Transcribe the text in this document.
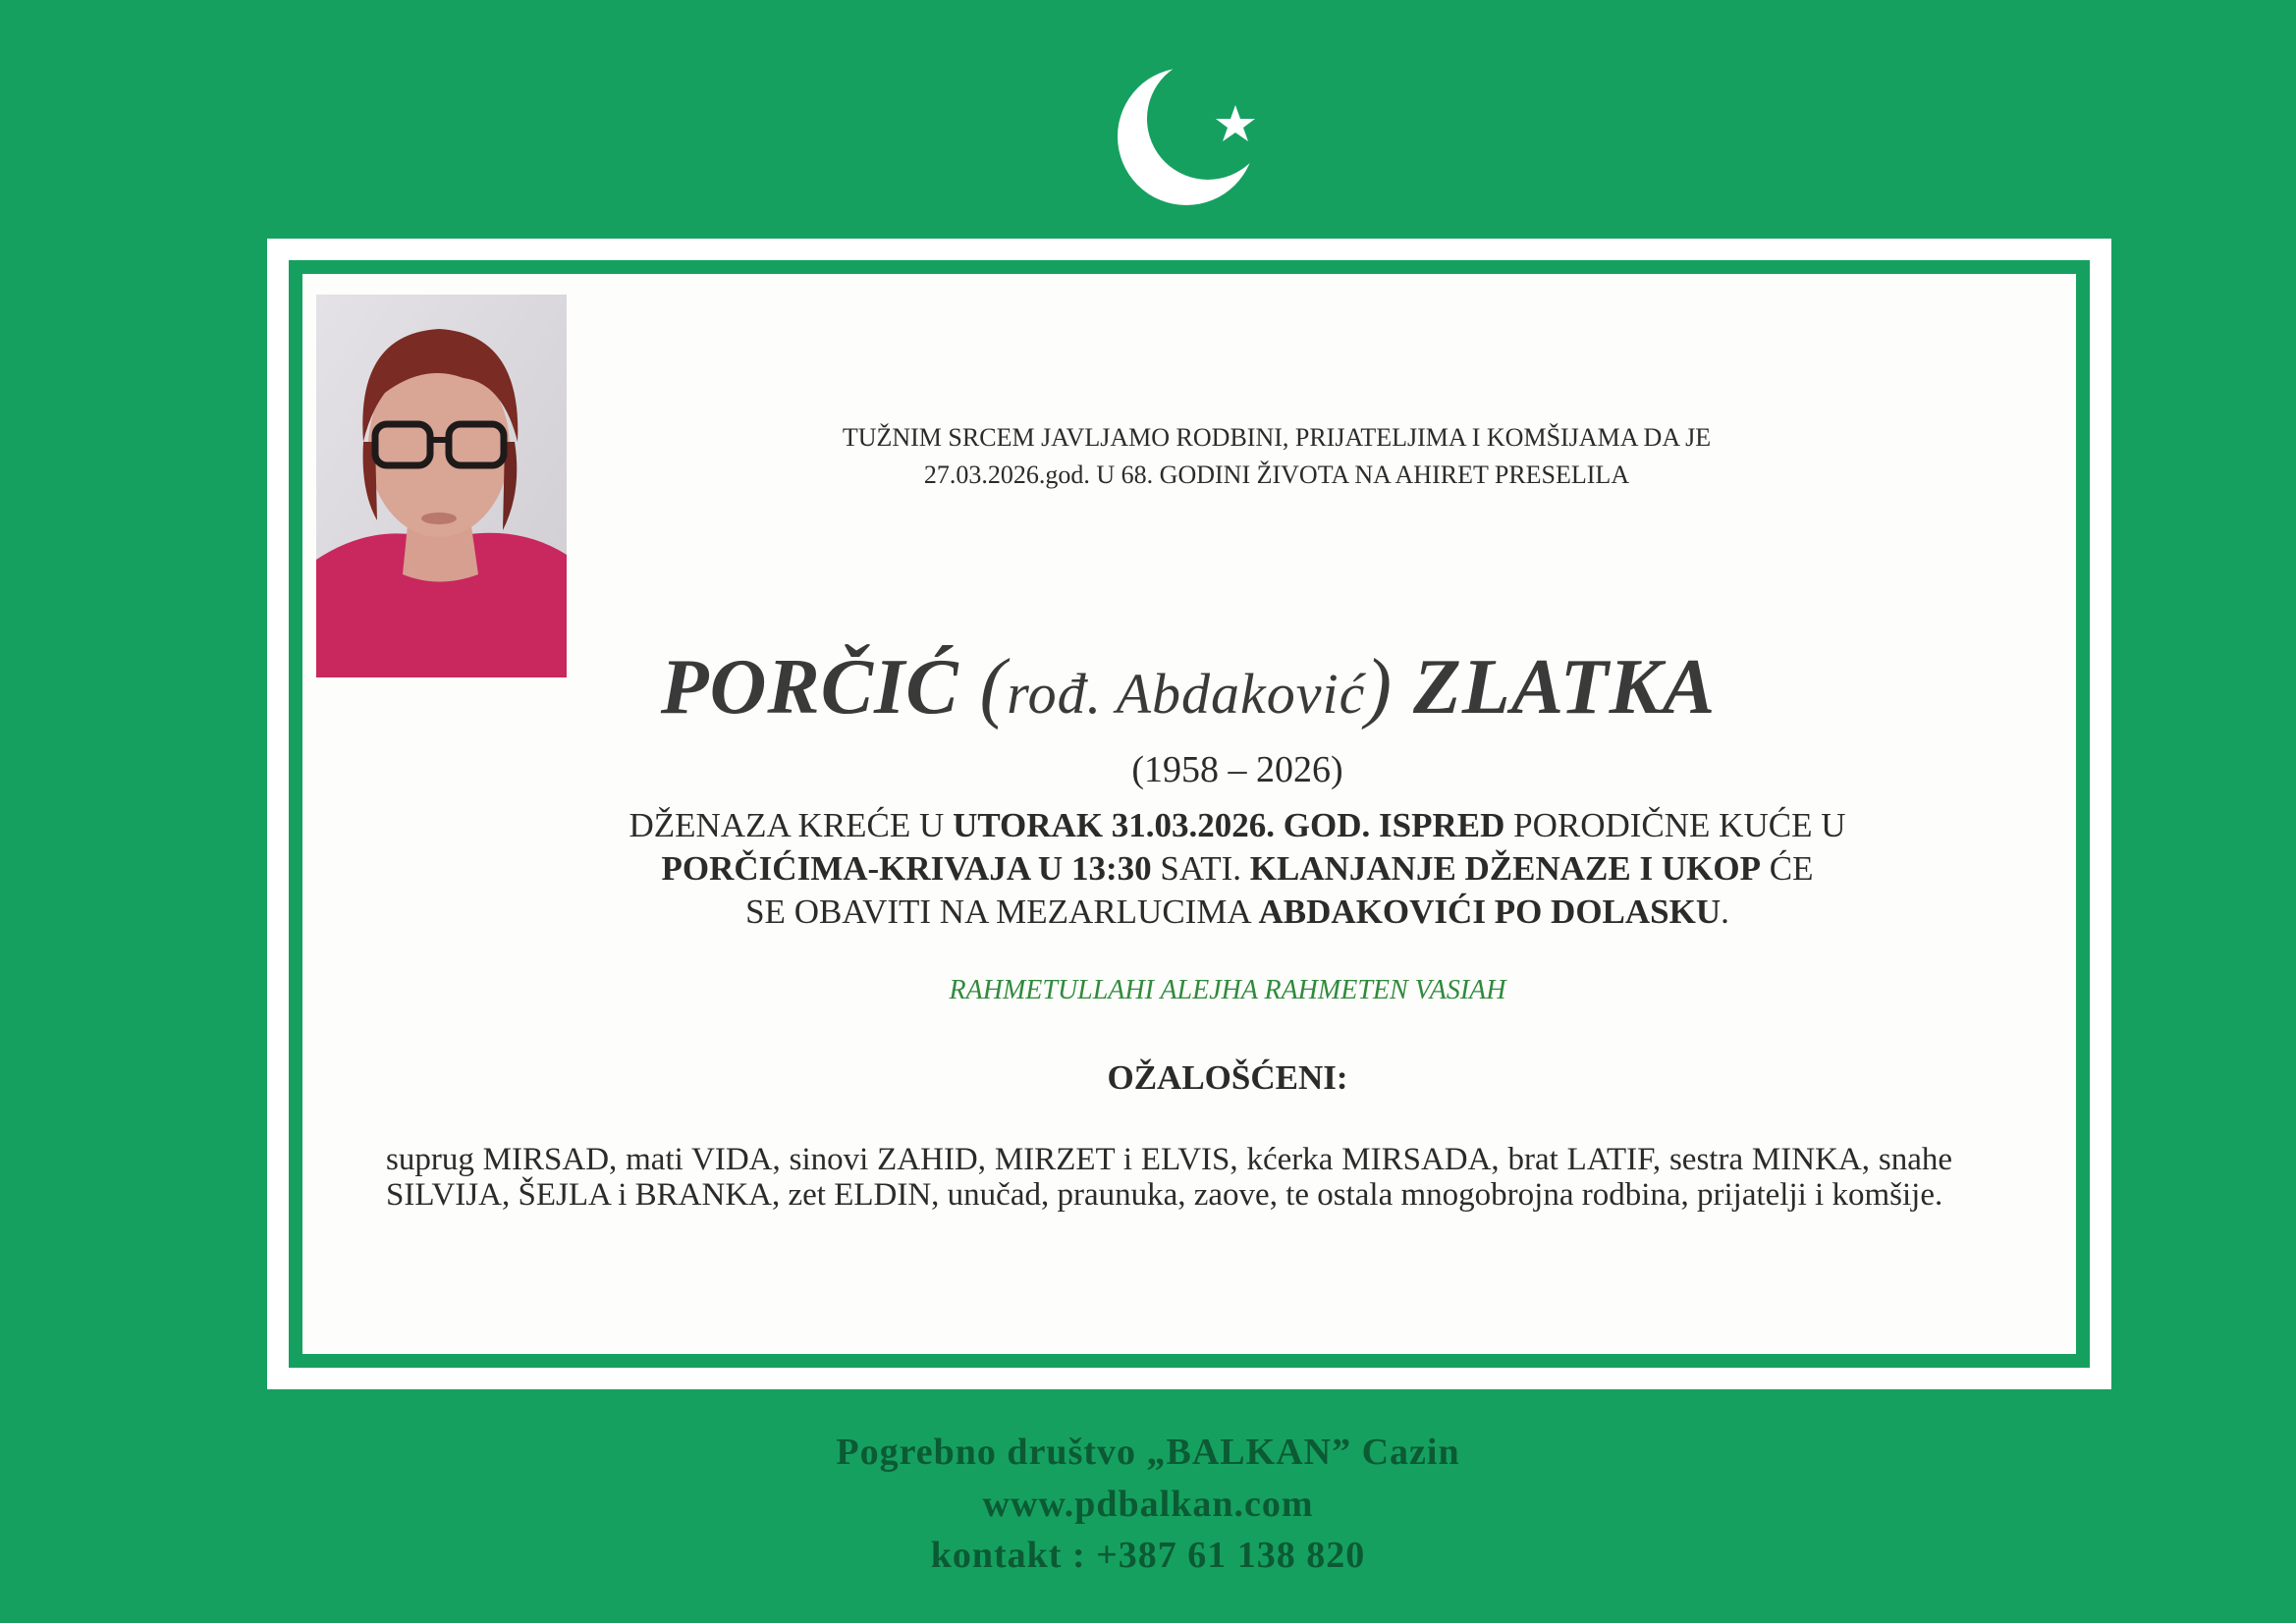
TUŽNIM SRCEM JAVLJAMO RODBINI, PRIJATELJIMA I KOMŠIJAMA DA JE

27.03.2026.god. U 68. GODINI ŽIVOTA NA AHIRET PRESELILA

PORČIĆ (rođ. Abdaković) ZLATKA

(1958 – 2026)

DŽENAZA KREĆE U UTORAK 31.03.2026. GOD. ISPRED PORODIČNE KUĆE U

PORČIĆIMA-KRIVAJA U 13:30 SATI. KLANJANJE DŽENAZE I UKOP ĆE

SE OBAVITI NA MEZARLUCIMA ABDAKOVIĆI PO DOLASKU.

RAHMETULLAHI ALEJHA RAHMETEN VASIAH

OŽALOŠĆENI:

suprug MIRSAD, mati VIDA, sinovi ZAHID, MIRZET i ELVIS, kćerka MIRSADA, brat LATIF, sestra MINKA, snahe SILVIJA, ŠEJLA i BRANKA, zet ELDIN, unučad, praunuka, zaove, te ostala mnogobrojna rodbina, prijatelji i komšije.

Pogrebno društvo „BALKAN” Cazin

www.pdbalkan.com

kontakt : +387 61 138 820
